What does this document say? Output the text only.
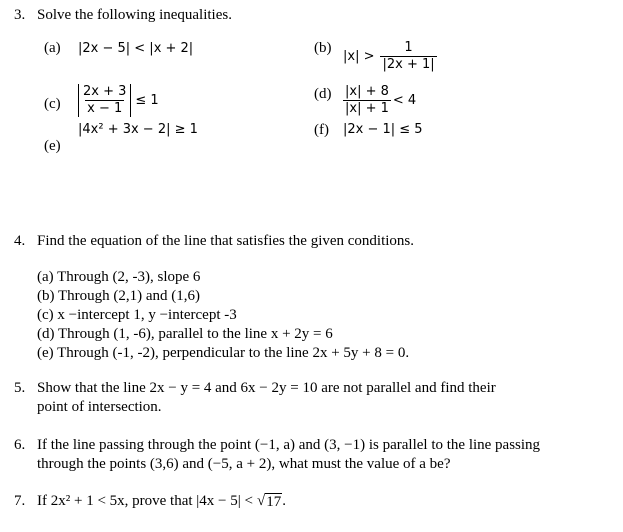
3. Solve the following inequalities.
(a) |2x − 5| < |x + 2|	(b)
$|x| > \frac{1}{|2x + 1|}$
$(c) \frac{2x + 3}{x - 1} \le 1$	$(d) \frac{|x| + 8}{|x| + 1} < 4$
|4x² + 3x − 2| ≥ 1
(e)
(f) |2x − 1| ≤ 5
4. Find the equation of the line that satisfies the given conditions.
(a) Through (2, -3), slope 6
(b) Through (2,1) and (1,6)
(c) x −intercept 1, y −intercept -3
(d) Through (1, -6), parallel to the line x + 2y = 6
(e) Through (-1, -2), perpendicular to the line 2x + 5y + 8 = 0.
5. Show that the line 2x − y = 4 and 6x − 2y = 10 are not parallel and find their
point of intersection.
6. If the line passing through the point (−1, a) and (3, −1) is parallel to the line passing
through the points (3,6) and (−5, a + 2), what must the value of a be?
7. If 2x² + 1 < 5x, prove that |4x − 5| < √ 17 .
